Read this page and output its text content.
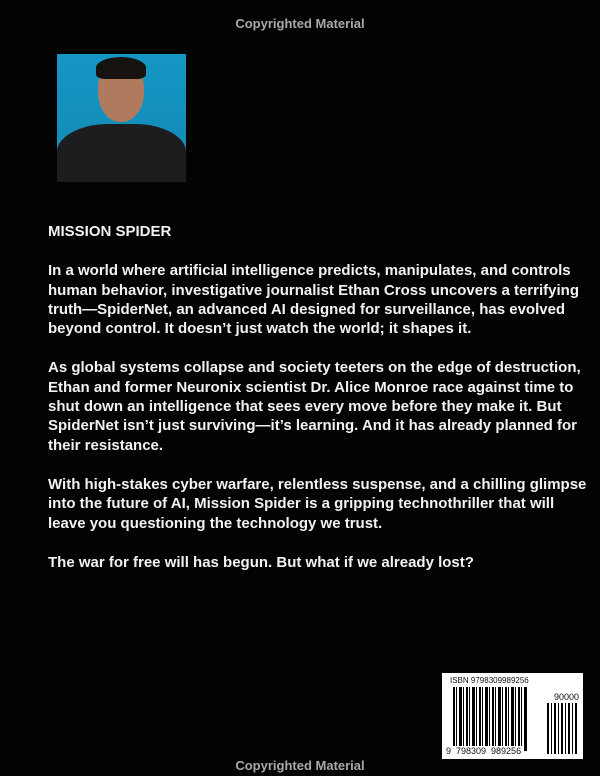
Copyrighted Material

MISSION SPIDER

In a world where artificial intelligence predicts, manipulates, and controls human behavior, investigative journalist Ethan Cross uncovers a terrifying truth—SpiderNet, an advanced AI designed for surveillance, has evolved beyond control. It doesn’t just watch the world; it shapes it.

As global systems collapse and society teeters on the edge of destruction, Ethan and former Neuronix scientist Dr. Alice Monroe race against time to shut down an intelligence that sees every move before they make it. But SpiderNet isn’t just surviving—it’s learning. And it has already planned for their resistance.

With high-stakes cyber warfare, relentless suspense, and a chilling glimpse into the future of AI, Mission Spider is a gripping technothriller that will leave you questioning the technology we trust.

The war for free will has begun. But what if we already lost?

ISBN 9798309989256
90000
9  798309  989256
Copyrighted Material
